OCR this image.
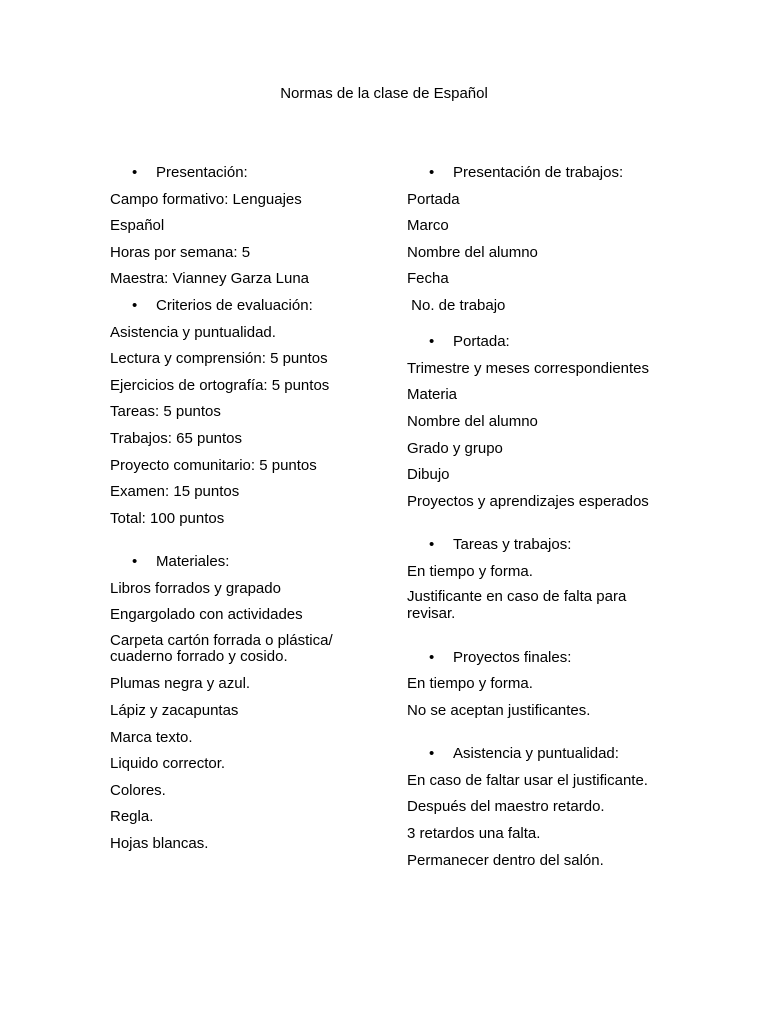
Normas de la clase de Español
• Presentación:
Campo formativo: Lenguajes
Español
Horas por semana: 5
Maestra: Vianney Garza Luna
• Criterios de evaluación:
Asistencia y puntualidad.
Lectura y comprensión: 5 puntos
Ejercicios de ortografía: 5 puntos
Tareas: 5 puntos
Trabajos: 65 puntos
Proyecto comunitario: 5 puntos
Examen: 15 puntos
Total: 100 puntos
• Materiales:
Libros forrados y grapado
Engargolado con actividades
Carpeta cartón forrada o plástica/ cuaderno forrado y cosido.
Plumas negra y azul.
Lápiz y zacapuntas
Marca texto.
Liquido corrector.
Colores.
Regla.
Hojas blancas.
• Presentación de trabajos:
Portada
Marco
Nombre del alumno
Fecha
No. de trabajo
• Portada:
Trimestre y meses correspondientes
Materia
Nombre del alumno
Grado y grupo
Dibujo
Proyectos y aprendizajes esperados
• Tareas y trabajos:
En tiempo y forma.
Justificante en caso de falta para revisar.
• Proyectos finales:
En tiempo y forma.
No se aceptan justificantes.
• Asistencia y puntualidad:
En caso de faltar usar el justificante.
Después del maestro retardo.
3 retardos una falta.
Permanecer dentro del salón.
